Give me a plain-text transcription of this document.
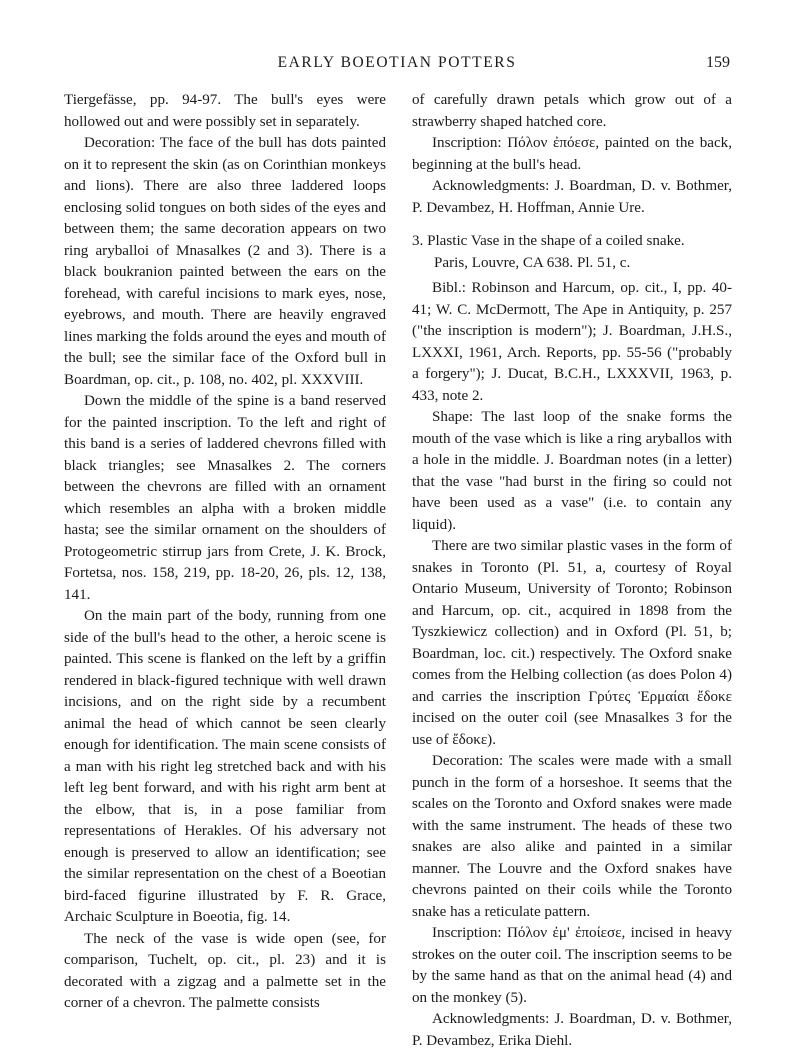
EARLY BOEOTIAN POTTERS	159

Tiergefässe, pp. 94-97. The bull's eyes were hollowed out and were possibly set in separately.

Decoration: The face of the bull has dots painted on it to represent the skin (as on Corinthian monkeys and lions). There are also three laddered loops enclosing solid tongues on both sides of the eyes and between them; the same decoration appears on two ring aryballoi of Mnasalkes (2 and 3). There is a black boukranion painted between the ears on the forehead, with careful incisions to mark eyes, nose, eyebrows, and mouth. There are heavily engraved lines marking the folds around the eyes and mouth of the bull; see the similar face of the Oxford bull in Boardman, op. cit., p. 108, no. 402, pl. XXXVIII.

Down the middle of the spine is a band reserved for the painted inscription. To the left and right of this band is a series of laddered chevrons filled with black triangles; see Mnasalkes 2. The corners between the chevrons are filled with an ornament which resembles an alpha with a broken middle hasta; see the similar ornament on the shoulders of Protogeometric stirrup jars from Crete, J. K. Brock, Fortetsa, nos. 158, 219, pp. 18-20, 26, pls. 12, 138, 141.

On the main part of the body, running from one side of the bull's head to the other, a heroic scene is painted. This scene is flanked on the left by a griffin rendered in black-figured technique with well drawn incisions, and on the right side by a recumbent animal the head of which cannot be seen clearly enough for identification. The main scene consists of a man with his right leg stretched back and with his left leg bent forward, and with his right arm bent at the elbow, that is, in a pose familiar from representations of Herakles. Of his adversary not enough is preserved to allow an identification; see the similar representation on the chest of a Boeotian bird-faced figurine illustrated by F. R. Grace, Archaic Sculpture in Boeotia, fig. 14.

The neck of the vase is wide open (see, for comparison, Tuchelt, op. cit., pl. 23) and it is decorated with a zigzag and a palmette set in the corner of a chevron. The palmette consists

of carefully drawn petals which grow out of a strawberry shaped hatched core.

Inscription: Πόλον ἐπόεσε, painted on the back, beginning at the bull's head.

Acknowledgments: J. Boardman, D. v. Bothmer, P. Devambez, H. Hoffman, Annie Ure.

3. Plastic Vase in the shape of a coiled snake.
Paris, Louvre, CA 638. Pl. 51, c.

Bibl.: Robinson and Harcum, op. cit., I, pp. 40-41; W. C. McDermott, The Ape in Antiquity, p. 257 ("the inscription is modern"); J. Boardman, J.H.S., LXXXI, 1961, Arch. Reports, pp. 55-56 ("probably a forgery"); J. Ducat, B.C.H., LXXXVII, 1963, p. 433, note 2.

Shape: The last loop of the snake forms the mouth of the vase which is like a ring aryballos with a hole in the middle. J. Boardman notes (in a letter) that the vase "had burst in the firing so could not have been used as a vase" (i.e. to contain any liquid).

There are two similar plastic vases in the form of snakes in Toronto (Pl. 51, a, courtesy of Royal Ontario Museum, University of Toronto; Robinson and Harcum, op. cit., acquired in 1898 from the Tyszkiewicz collection) and in Oxford (Pl. 51, b; Boardman, loc. cit.) respectively. The Oxford snake comes from the Helbing collection (as does Polon 4) and carries the inscription Γρύτες Ἑρμαίαι ἔδοκε incised on the outer coil (see Mnasalkes 3 for the use of ἔδοκε).

Decoration: The scales were made with a small punch in the form of a horseshoe. It seems that the scales on the Toronto and Oxford snakes were made with the same instrument. The heads of these two snakes are also alike and painted in a similar manner. The Louvre and the Oxford snakes have chevrons painted on their coils while the Toronto snake has a reticulate pattern.

Inscription: Πόλον ἐμ' ἐποίεσε, incised in heavy strokes on the outer coil. The inscription seems to be by the same hand as that on the animal head (4) and on the monkey (5).

Acknowledgments: J. Boardman, D. v. Bothmer, P. Devambez, Erika Diehl.
